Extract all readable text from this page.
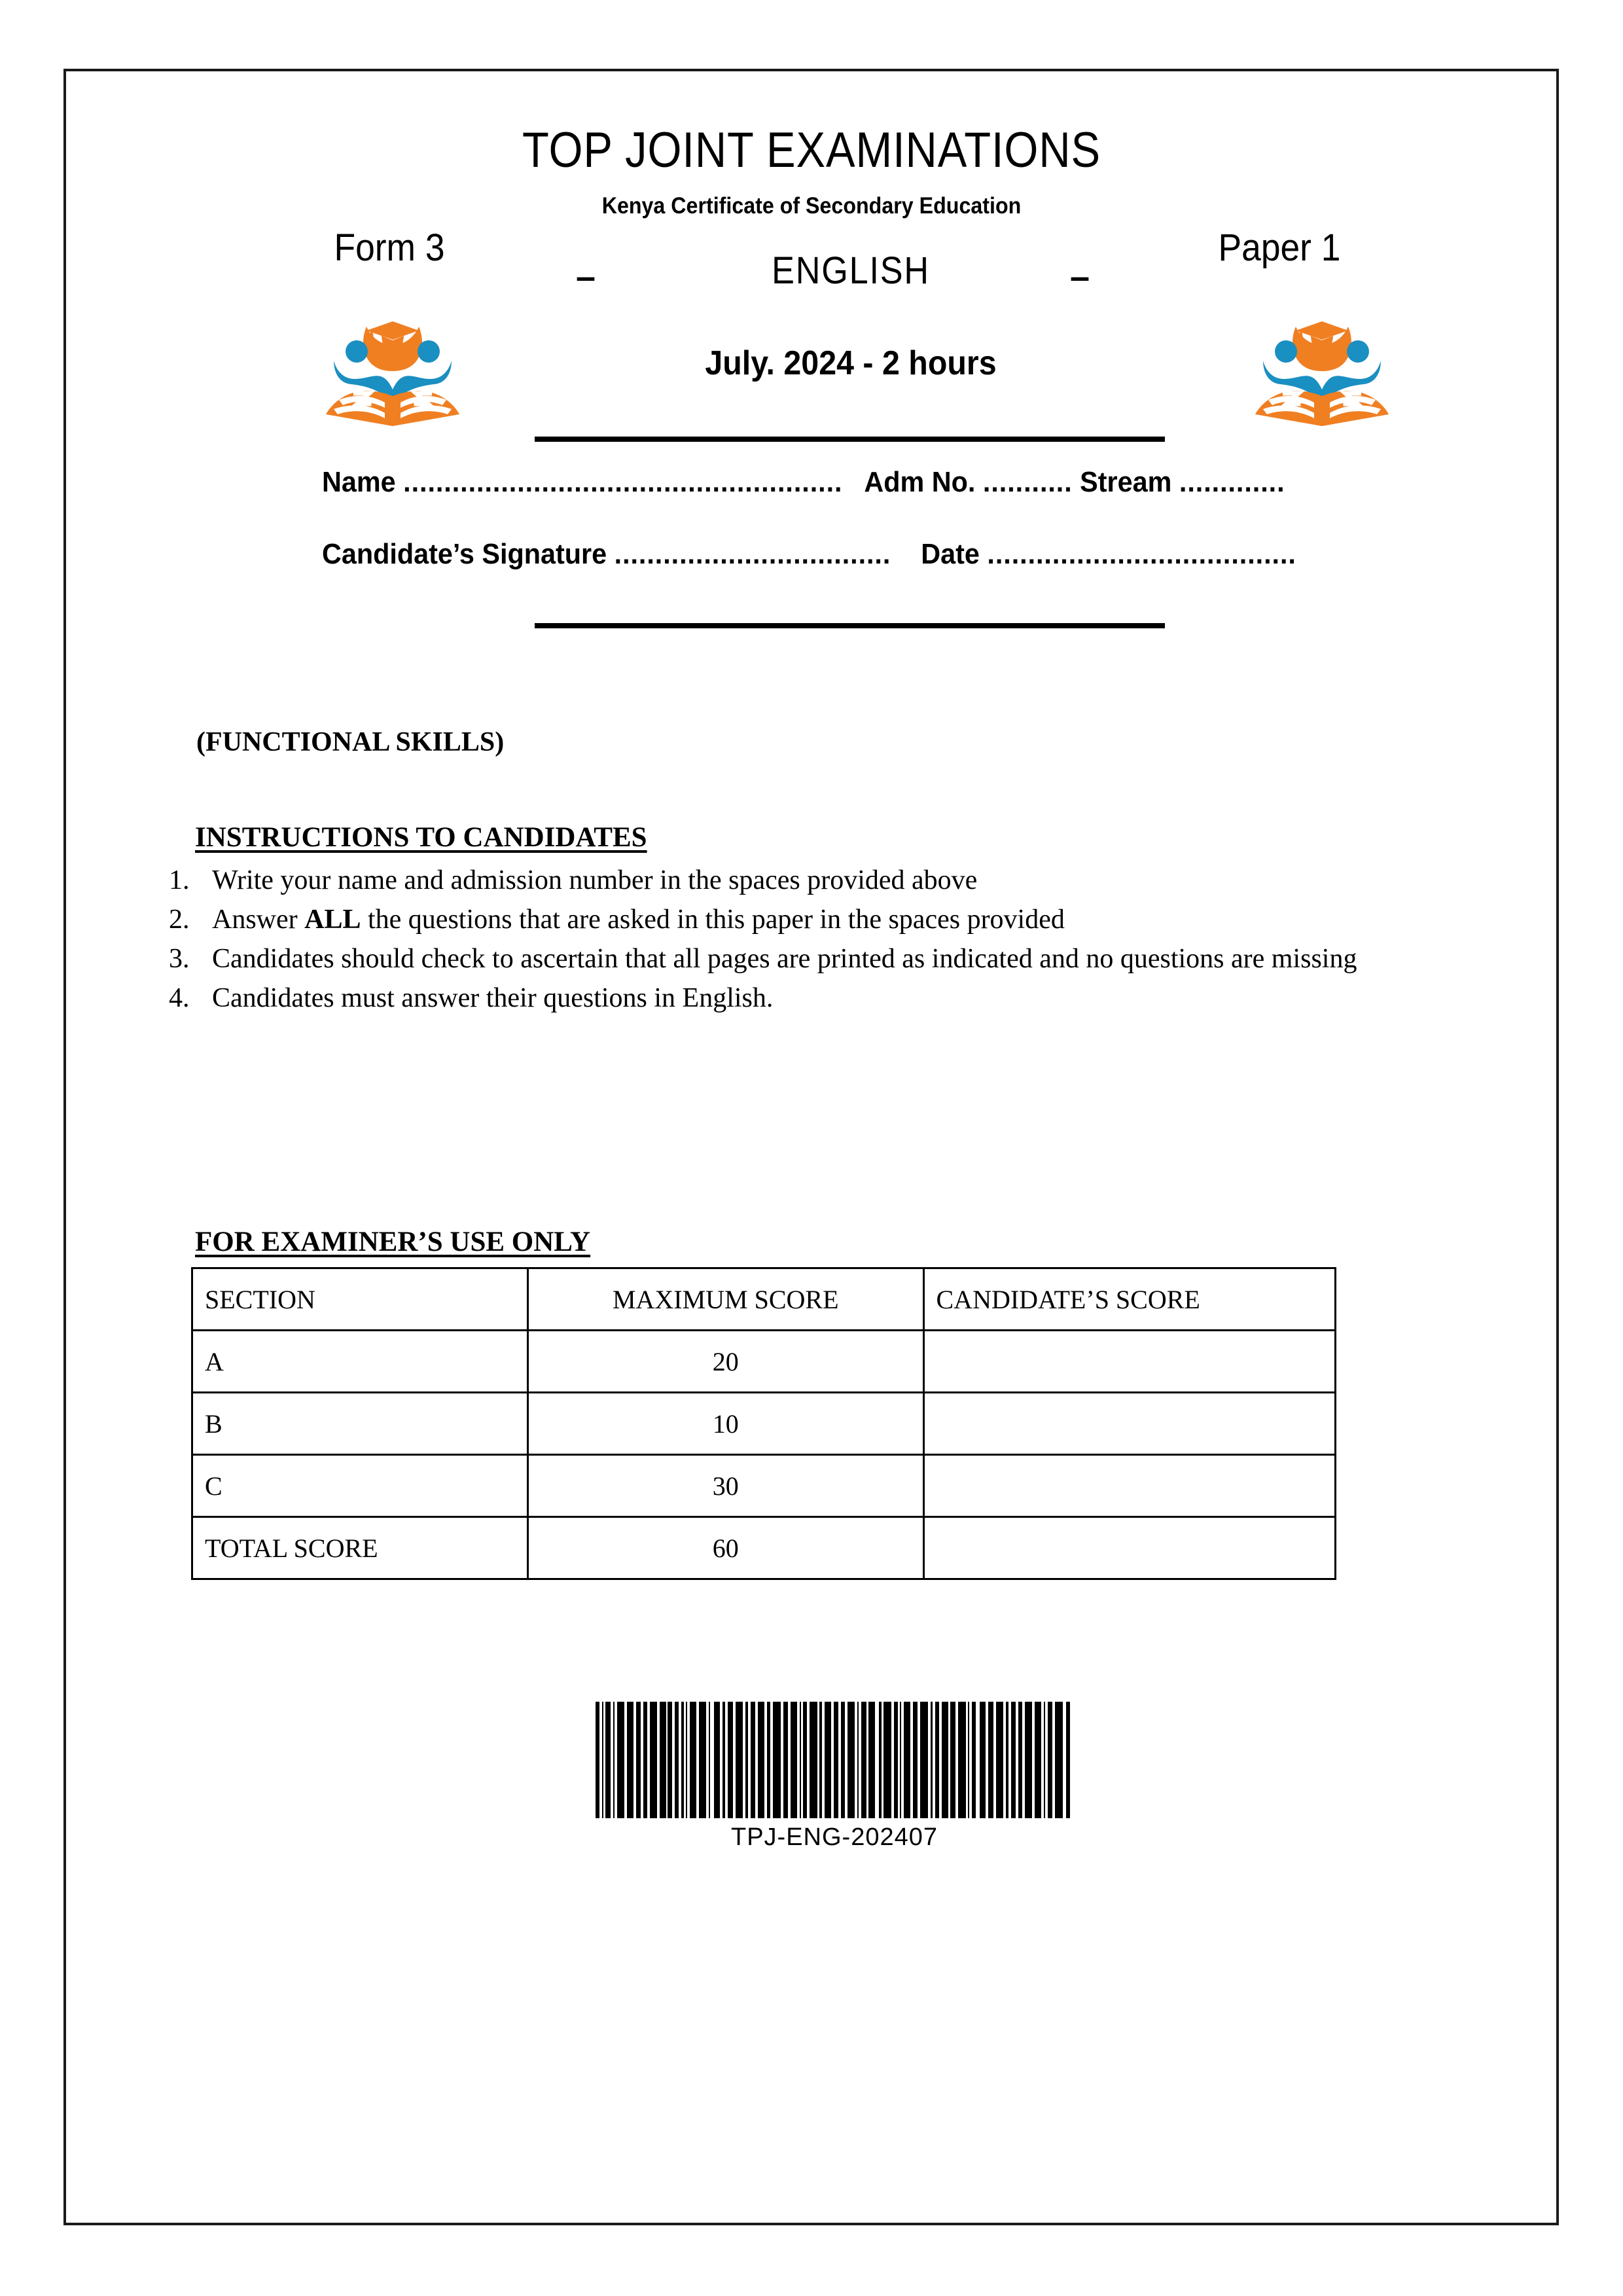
TOP JOINT EXAMINATIONS
Kenya Certificate of Secondary Education
Form 3
–	ENGLISH	–
Paper 1
July. 2024 - 2 hours
Name ...................................................... Adm No. ........... Stream .............
Candidate’s Signature .................................. Date ......................................
(FUNCTIONAL SKILLS)
INSTRUCTIONS TO CANDIDATES
1. Write your name and admission number in the spaces provided above
2. Answer ALL the questions that are asked in this paper in the spaces provided
3. Candidates should check to ascertain that all pages are printed as indicated and no questions are missing
4. Candidates must answer their questions in English.
FOR EXAMINER’S USE ONLY
SECTION	MAXIMUM SCORE	CANDIDATE’S SCORE
A	20	
B	10	
C	30	
TOTAL SCORE	60	
TPJ-ENG-202407
